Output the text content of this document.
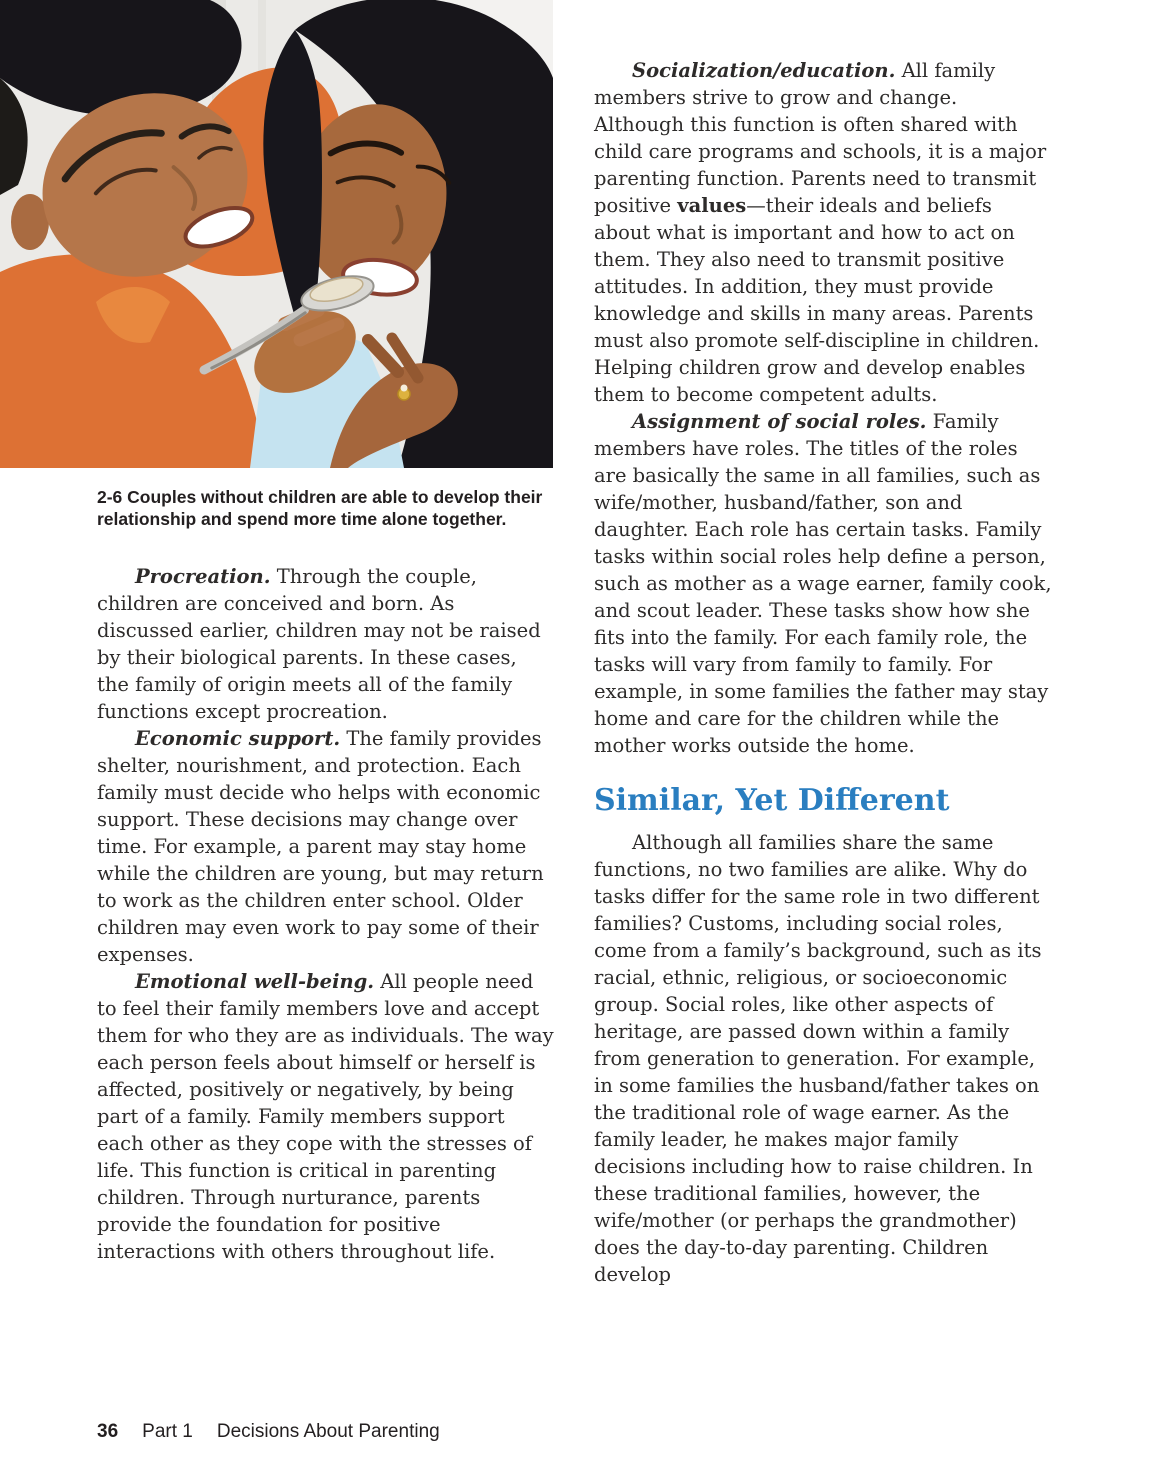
2-6 Couples without children are able to develop their relationship and spend more time alone together.

Procreation. Through the couple, children are conceived and born. As discussed earlier, children may not be raised by their biological parents. In these cases, the family of origin meets all of the family functions except procreation.

Economic support. The family provides shelter, nourishment, and protection. Each family must decide who helps with economic support. These decisions may change over time. For example, a parent may stay home while the children are young, but may return to work as the children enter school. Older children may even work to pay some of their expenses.

Emotional well-being. All people need to feel their family members love and accept them for who they are as individuals. The way each person feels about himself or herself is affected, positively or negatively, by being part of a family. Family members support each other as they cope with the stresses of life. This function is critical in parenting children. Through nurturance, parents provide the foundation for positive interactions with others throughout life.

Socialization/education. All family members strive to grow and change. Although this function is often shared with child care programs and schools, it is a major parenting function. Parents need to transmit positive values—their ideals and beliefs about what is important and how to act on them. They also need to transmit positive attitudes. In addition, they must provide knowledge and skills in many areas. Parents must also promote self-discipline in children. Helping children grow and develop enables them to become competent adults.

Assignment of social roles. Family members have roles. The titles of the roles are basically the same in all families, such as wife/mother, husband/father, son and daughter. Each role has certain tasks. Family tasks within social roles help define a person, such as mother as a wage earner, family cook, and scout leader. These tasks show how she fits into the family. For each family role, the tasks will vary from family to family. For example, in some families the father may stay home and care for the children while the mother works outside the home.

Similar, Yet Different

Although all families share the same functions, no two families are alike. Why do tasks differ for the same role in two different families? Customs, including social roles, come from a family’s background, such as its racial, ethnic, religious, or socioeconomic group. Social roles, like other aspects of heritage, are passed down within a family from generation to generation. For example, in some families the husband/father takes on the traditional role of wage earner. As the family leader, he makes major family decisions including how to raise children. In these traditional families, however, the wife/mother (or perhaps the grandmother) does the day-to-day parenting. Children develop

36 Part 1 Decisions About Parenting
